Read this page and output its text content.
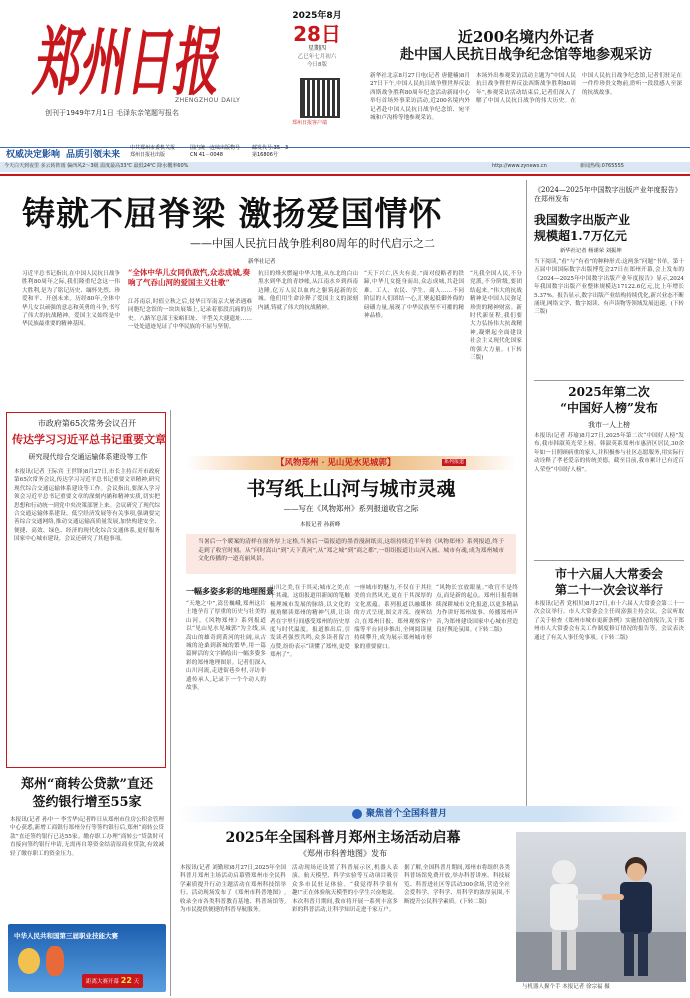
郑州日报
ZHENGZHOU DAILY
创刊于1949年7月1日 毛泽东亲笔题写报名
2025年8月
28日
星期四
乙巳年七月初六
今日8版
郑州日报客户端
权威决定影响 品质引领未来
中共郑州市委机关报
郑州日报社出版
国内统一连续出版物号
CN 41－0048
邮发代号:35－3
第16806号
今天白天到夜里 多云转阵雨 偏西风2～3级 温度最高33℃ 最低24℃ 降水概率60%	http://www.zynews.cn	新闻热线:0765555
近200名境内外记者
赴中国人民抗日战争纪念馆等地参观采访
新华社北京8月27日电(记者 唐健楠)8月27日下午,中国人民抗日战争暨世界反法西斯战争胜利80周年纪念活动新闻中心举行首场外事采访活动,近200名境内外记者赴中国人民抗日战争纪念馆、宛平城和卢沟桥等地参观采访。
本场外出参观采访活动主题为“中国人民抗日战争暨世界反法西斯战争胜利80周年”,参观采访活动结束后,记者们深入了解了中国人民抗日战争的伟大历史。在中国人民抗日战争纪念馆,记者们驻足在一件件珍贵文物前,聆听一段段感人至深的抗战故事。
铸就不屈脊梁 激扬爱国情怀
——中国人民抗日战争胜利80周年的时代启示之二
新华社记者
习近平总书记指出,在中国人民抗日战争胜利80周年之际,我们隆重纪念这一伟大胜利,是为了铭记历史、缅怀先烈、珍爱和平、开创未来。历经80年,全体中华儿女以顽强的意志和英勇的斗争,书写了伟大的抗战精神。爱国主义始终是中华民族最重要的精神基因。
“全体中华儿女同仇敌忾,众志成城,奏响了气吞山河的爱国主义壮歌”
江苏南京,时值立秋之后,侵华日军南京大屠杀遇难同胞纪念馆的一块块展墙上,记录着那段沉痛的历史。八路军总部王家峪旧址、平型关大捷遗址……一处处遗迹见证了中华民族的不屈与坚韧。
抗日的烽火燃遍中华大地,从东北的白山黑水到华北的青纱帐,从江南水乡到西南边陲,亿万人民以血肉之躯筑起新的长城。他们用生命诠释了爱国主义的深刻内涵,铸就了伟大的抗战精神。
“天下兴亡,匹夫有责。”面对侵略者的铁蹄,中华儿女挺身而出,众志成城,共赴国难。工人、农民、学生、商人……不同阶层的人们团结一心,汇聚起抵御外侮的磅礴力量,展现了中华民族坚不可摧的精神品格。
“凡我全国人民,不分党派,不分阶级,要团结起来。”伟大的抗战精神是中国人民弥足珍贵的精神财富。新时代新征程,我们要大力弘扬伟大抗战精神,凝聚起全面建设社会主义现代化国家的强大力量。(下转三版)
市政府第65次常务会议召开
传达学习习近平总书记重要文章
研究现代综合交通运输体系建设等工作
本报讯(记者 王际宾 王世锋)8月27日,市长主持召开市政府第65次常务会议,传达学习习近平总书记重要文章精神,研究现代综合交通运输体系建设等工作。会议指出,要深入学习领会习近平总书记重要文章的深刻内涵和精神实质,切实把思想和行动统一到党中央决策部署上来。会议研究了现代综合交通运输体系建设、低空经济发展等有关事项,强调要完善综合交通网络,推动交通运输高质量发展,加快构建安全、便捷、高效、绿色、经济的现代化综合交通体系,更好服务国家中心城市建设。会议还研究了其他事项。
郑州“商转公贷款”直还
签约银行增至55家
本报讯(记者 孙中一 李雪华)记者昨日从郑州市住房公积金管理中心获悉,新增工商银行郑州分行等签约银行后,郑州“商转公贷款”直还签约银行已达55家。缴存职工办理“商转公”贷款时可直接向签约银行申请,无需再自筹资金结清原商业贷款,有效减轻了缴存职工的资金压力。
中华人民共和国第三届职业技能大赛
距离大赛开幕 22 天
【风物郑州 · 见山见水见城郭】	系列报道
书写纸上山河与城市灵魂
——写在《风物郑州》系列报道收官之际
本报记者 孙新峰
当暑后一个暖案的清样在窗外厚上定格,当暑后一篇报道的墨香漫洞纸页,这组持续近半年的《风物郑州》系列报道,终于走到了收官时刻。从“问时嵩山”到“天下黄河”,从“郑之城”到“商之都”,一组组报道让山河入画、城市有魂,成为郑州城市文化传播的一道亮丽风景。
一幅多姿多彩的地理图景
“天地之中”,嵩岳巍峨,郑州这片土地孕育了厚重的历史与壮美的山河。《风物郑州》系列报道以“见山见水见城郭”为主线,从嵩山的雄奇到黄河的壮阔,从古城的沧桑到新城的繁华,用一篇篇鲜活的文字描绘出一幅多姿多彩的郑州地理图景。记者们深入山川河流,走进街巷乡村,寻访非遗传承人,记录下一个个动人的故事。
山川之美,在于其灵;城市之美,在于其魂。这组报道用新闻的笔触梳理城市发展的脉络,以文化的视角解读郑州的精神气质,让读者在字里行间感受郑州的历史厚度与时代温度。报道推出后,引发读者强烈共鸣,众多读者留言点赞,纷纷表示“读懂了郑州,更爱郑州了”。
一座城市的魅力,不仅在于其壮美的自然风光,更在于其深厚的文化底蕴。系列报道以融媒体的方式呈现,图文并茂、视听结合,在郑州日报、郑州观察客户端等平台同步推出,全网阅读量持续攀升,成为展示郑州城市形象的重要窗口。
“风物长宜放眼量。”收官不是终点,而是新的起点。郑州日报将继续深耕城市文化报道,以更多精品力作讲好郑州故事、传播郑州声音,为郑州建设国家中心城市营造良好舆论氛围。(下转二版)
《2024—2025年中国数字出版产业年度报告》在郑州发布
我国数字出版产业
规模超1.7万亿元
新华社记者 杨谨荣 刘振坤
当下阅读,“看”与“有看”的种种形式:这两条“问题”书单。第十五届中国国际数字出版博览会27日在郑州开幕,会上发布的《2024—2025年中国数字出版产业年度报告》显示,2024年我国数字出版产业整体规模达17122.6亿元,比上年增长5.37%。报告显示,数字出版产业结构持续优化,新兴业态不断涌现,网络文学、数字阅读、有声读物等领域发展迅速。(下转三版)
2025年第二次
“中国好人榜”发布
我市一人上榜
本报讯(记者 苏瑜)8月27日,2025年第二次“中国好人榜”发布,我市韩淑英光荣上榜。韩淑英系郑州市惠济区居民,30余年如一日照顾病重的家人,并积极参与社区志愿服务,用实际行动诠释了孝老爱亲的传统美德。截至目前,我市累计已有近百人荣登“中国好人榜”。
市十六届人大常委会
第二十一次会议举行
本报讯(记者 党相贝)8月27日,市十六届人大常委会第二十一次会议举行。市人大常委会主任周富强主持会议。会议听取了关于检查《郑州市城市更新条例》实施情况的报告,关于郑州市人大常委会有关工作制度修订情况的报告等。会议表决通过了有关人事任免事项。(下转二版)
聚焦首个全国科普月
2025年全国科普月郑州主场活动启幕
《郑州市科普地图》发布
本报讯(记者 刘勤琼)8月27日,2025年全国科普月郑州主场活动启幕暨郑州市全民科学素质提升行动主题活动在郑州科技馆举行。活动现场发布了《郑州市科普地图》,收录全市各类科普教育基地、科普场馆等,为市民提供便捷的科普导航服务。
活动现场还设置了科普展示区,机器人表演、航天模型、科学实验等互动项目吸引众多市民驻足体验。“我觉得科学很有趣!”正在体验航天模型的小学生兴奋地说。本次科普月期间,我市将开展一系列丰富多彩的科普活动,让科学知识走进千家万户。
据了解,全国科普月期间,郑州市将组织各类科普场馆免费开放,举办科普讲座、科技展览、科普进社区等活动300余场,营造全社会爱科学、学科学、用科学的浓厚氛围,不断提升公民科学素质。(下转二版)
与机器人握个手 本报记者 徐宗福 摄
